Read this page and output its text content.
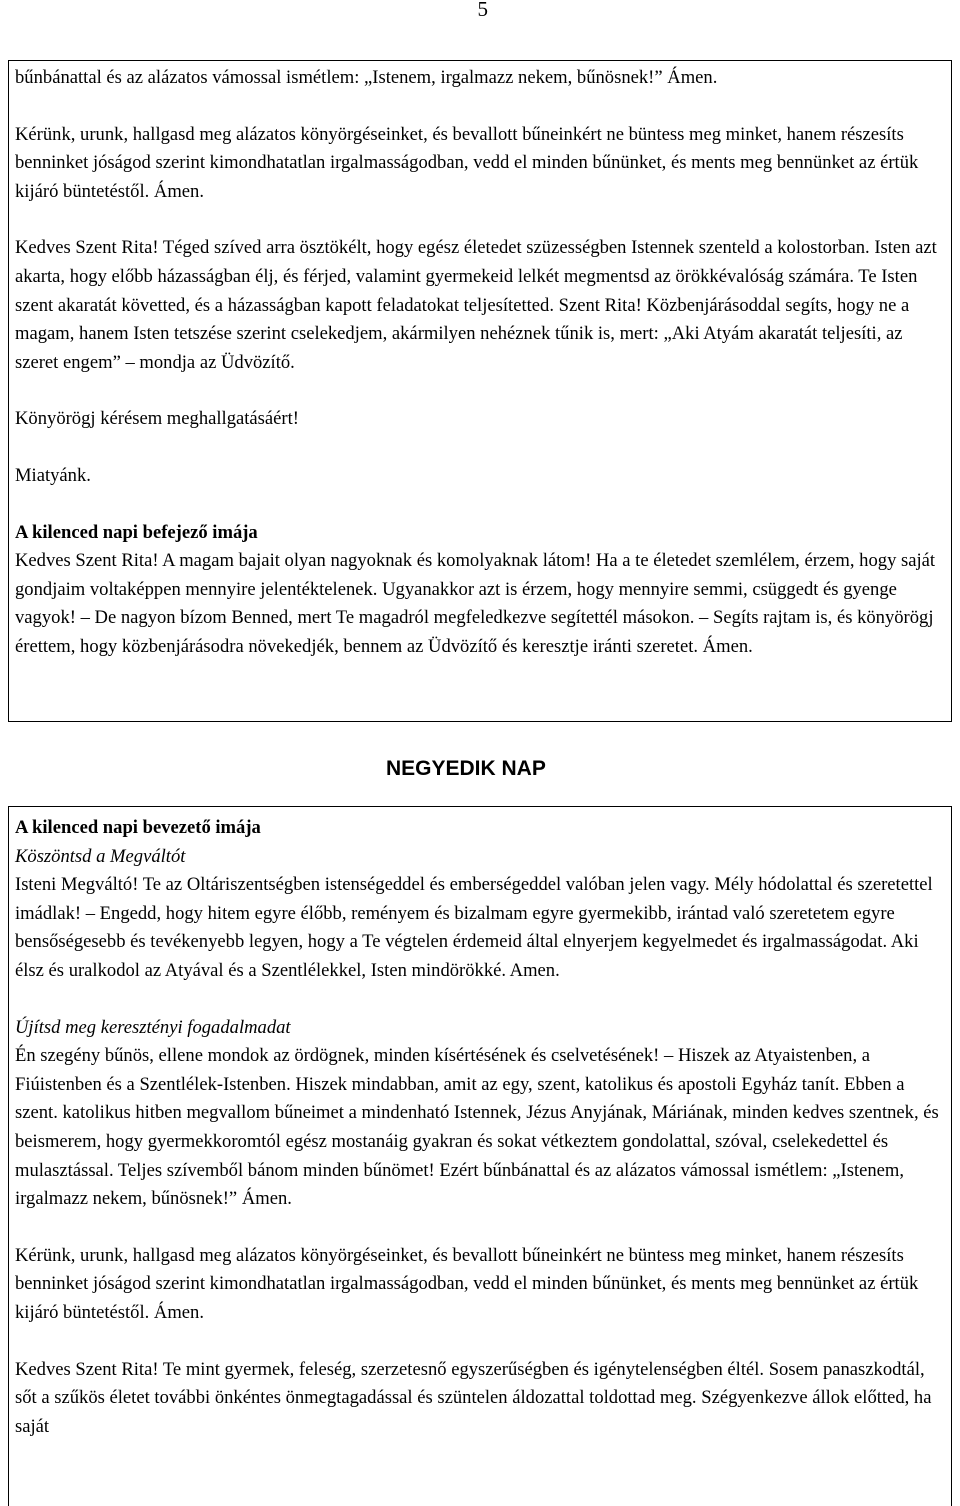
5

bűnbánattal és az alázatos vámossal ismétlem: „Istenem, irgalmazz nekem, bűnösnek!” Ámen.

Kérünk, urunk, hallgasd meg alázatos könyörgéseinket, és bevallott bűneinkért ne büntess meg minket, hanem részesíts benninket jóságod szerint kimondhatatlan irgalmasságodban, vedd el minden bűnünket, és ments meg bennünket az értük kijáró büntetéstől. Ámen.

Kedves Szent Rita! Téged szíved arra ösztökélt, hogy egész életedet szüzességben Istennek szenteld a kolostorban. Isten azt akarta, hogy előbb házasságban élj, és férjed, valamint gyermekeid lelkét megmentsd az örökkévalóság számára. Te Isten szent akaratát követted, és a házasságban kapott feladatokat teljesítetted. Szent Rita! Közbenjárásoddal segíts, hogy ne a magam, hanem Isten tetszése szerint cselekedjem, akármilyen nehéznek tűnik is, mert: „Aki Atyám akaratát teljesíti, az szeret engem” – mondja az Üdvözítő.

Könyörögj kérésem meghallgatásáért!

Miatyánk.

A kilenced napi befejező imája

Kedves Szent Rita! A magam bajait olyan nagyoknak és komolyaknak látom! Ha a te életedet szemlélem, érzem, hogy saját gondjaim voltaképpen mennyire jelentéktelenek. Ugyanakkor azt is érzem, hogy mennyire semmi, csüggedt és gyenge vagyok! – De nagyon bízom Benned, mert Te magadról megfeledkezve segítettél másokon. – Segíts rajtam is, és könyörögj érettem, hogy közbenjárásodra növekedjék, bennem az Üdvözítő és keresztje iránti szeretet. Ámen.

NEGYEDIK NAP

A kilenced napi bevezető imája

Köszöntsd a Megváltót

Isteni Megváltó! Te az Oltáriszentségben istenségeddel és emberségeddel valóban jelen vagy. Mély hódolattal és szeretettel imádlak! – Engedd, hogy hitem egyre élőbb, reményem és bizalmam egyre gyermekibb, irántad való szeretetem egyre bensőségesebb és tevékenyebb legyen, hogy a Te végtelen érdemeid által elnyerjem kegyelmedet és irgalmasságodat. Aki élsz és uralkodol az Atyával és a Szentlélekkel, Isten mindörökké. Amen.

Újítsd meg keresztényi fogadalmadat

Én szegény bűnös, ellene mondok az ördögnek, minden kísértésének és cselvetésének! – Hiszek az Atyaistenben, a Fiúistenben és a Szentlélek-Istenben. Hiszek mindabban, amit az egy, szent, katolikus és apostoli Egyház tanít. Ebben a szent. katolikus hitben megvallom bűneimet a mindenható Istennek, Jézus Anyjának, Máriának, minden kedves szentnek, és beismerem, hogy gyermekkoromtól egész mostanáig gyakran és sokat vétkeztem gondolattal, szóval, cselekedettel és mulasztással. Teljes szívemből bánom minden bűnömet! Ezért bűnbánattal és az alázatos vámossal ismétlem: „Istenem, irgalmazz nekem, bűnösnek!” Ámen.

Kérünk, urunk, hallgasd meg alázatos könyörgéseinket, és bevallott bűneinkért ne büntess meg minket, hanem részesíts benninket jóságod szerint kimondhatatlan irgalmasságodban, vedd el minden bűnünket, és ments meg bennünket az értük kijáró büntetéstől. Ámen.

Kedves Szent Rita! Te mint gyermek, feleség, szerzetesnő egyszerűségben és igénytelenségben éltél. Sosem panaszkodtál, sőt a szűkös életet további önkéntes önmegtagadással és szüntelen áldozattal toldottad meg. Szégyenkezve állok előtted, ha saját
